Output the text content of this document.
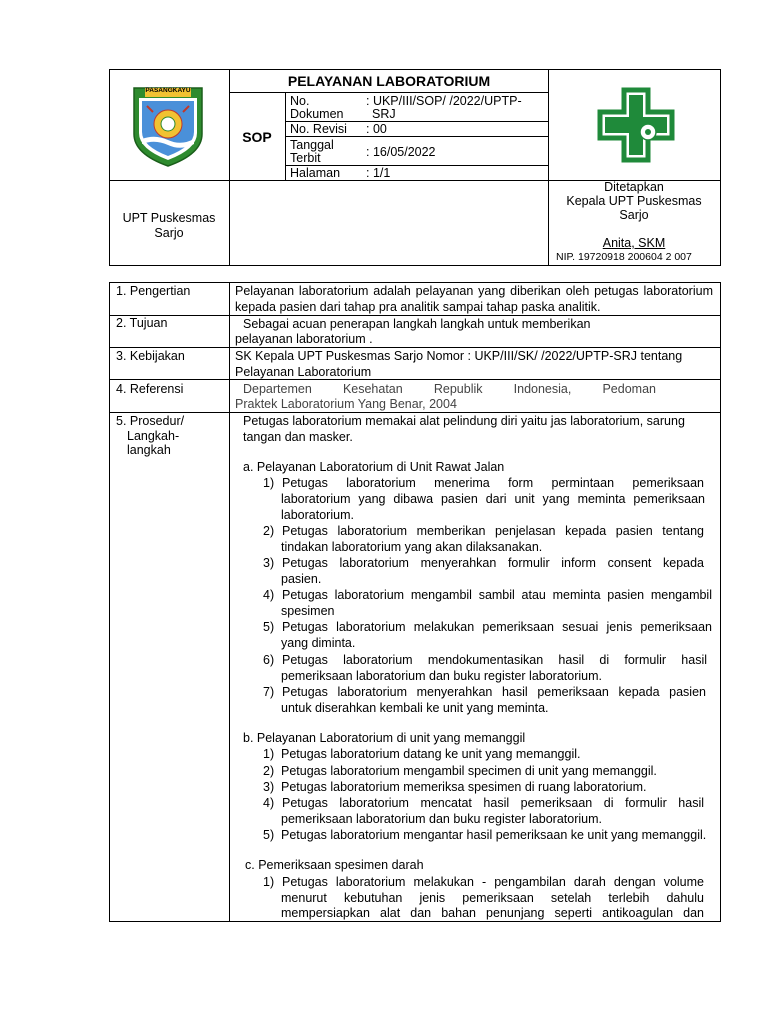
PASANGKAYU
PELAYANAN LABORATORIUM
SOP
No.
Dokumen
: UKP/III/SOP/ /2022/UPTP-
SRJ
No. Revisi : 00
Tanggal
Terbit	: 16/05/2022
Halaman : 1/1
UPT Puskesmas
Sarjo
Ditetapkan
Kepala UPT Puskesmas
Sarjo
Anita, SKM
NIP. 19720918 200604 2 007
1. Pengertian
2. Tujuan
3. Kebijakan
4. Referensi
5. Prosedur/
Langkah-
langkah
Pelayanan laboratorium adalah pelayanan yang diberikan oleh petugas laboratorium
kepada pasien dari tahap pra analitik sampai tahap paska analitik.
Sebagai acuan penerapan langkah langkah untuk memberikan
pelayanan laboratorium .
SK Kepala UPT Puskesmas Sarjo Nomor : UKP/III/SK/ /2022/UPTP-SRJ tentang
Pelayanan Laboratorium
Departemen Kesehatan Republik Indonesia, Pedoman
Praktek Laboratorium Yang Benar, 2004
Petugas laboratorium memakai alat pelindung diri yaitu jas laboratorium, sarung
tangan dan masker.
a. Pelayanan Laboratorium di Unit Rawat Jalan
1) Petugas laboratorium menerima form permintaan pemeriksaan
laboratorium yang dibawa pasien dari unit yang meminta pemeriksaan
laboratorium.
2) Petugas laboratorium memberikan penjelasan kepada pasien tentang
tindakan laboratorium yang akan dilaksanakan.
3) Petugas laboratorium menyerahkan formulir inform consent kepada
pasien.
4) Petugas laboratorium mengambil sambil atau meminta pasien mengambil
spesimen
5) Petugas laboratorium melakukan pemeriksaan sesuai jenis pemeriksaan
yang diminta.
6) Petugas laboratorium mendokumentasikan hasil di formulir hasil
pemeriksaan laboratorium dan buku register laboratorium.
7) Petugas laboratorium menyerahkan hasil pemeriksaan kepada pasien
untuk diserahkan kembali ke unit yang meminta.
b. Pelayanan Laboratorium di unit yang memanggil
1) Petugas laboratorium datang ke unit yang memanggil.
2) Petugas laboratorium mengambil specimen di unit yang memanggil.
3) Petugas laboratorium memeriksa spesimen di ruang laboratorium.
4) Petugas laboratorium mencatat hasil pemeriksaan di formulir hasil
pemeriksaan laboratorium dan buku register laboratorium.
5) Petugas laboratorium mengantar hasil pemeriksaan ke unit yang memanggil.
c. Pemeriksaan spesimen darah
1) Petugas laboratorium melakukan - pengambilan darah dengan volume
menurut kebutuhan jenis pemeriksaan setelah terlebih dahulu
mempersiapkan alat dan bahan penunjang seperti antikoagulan dan
